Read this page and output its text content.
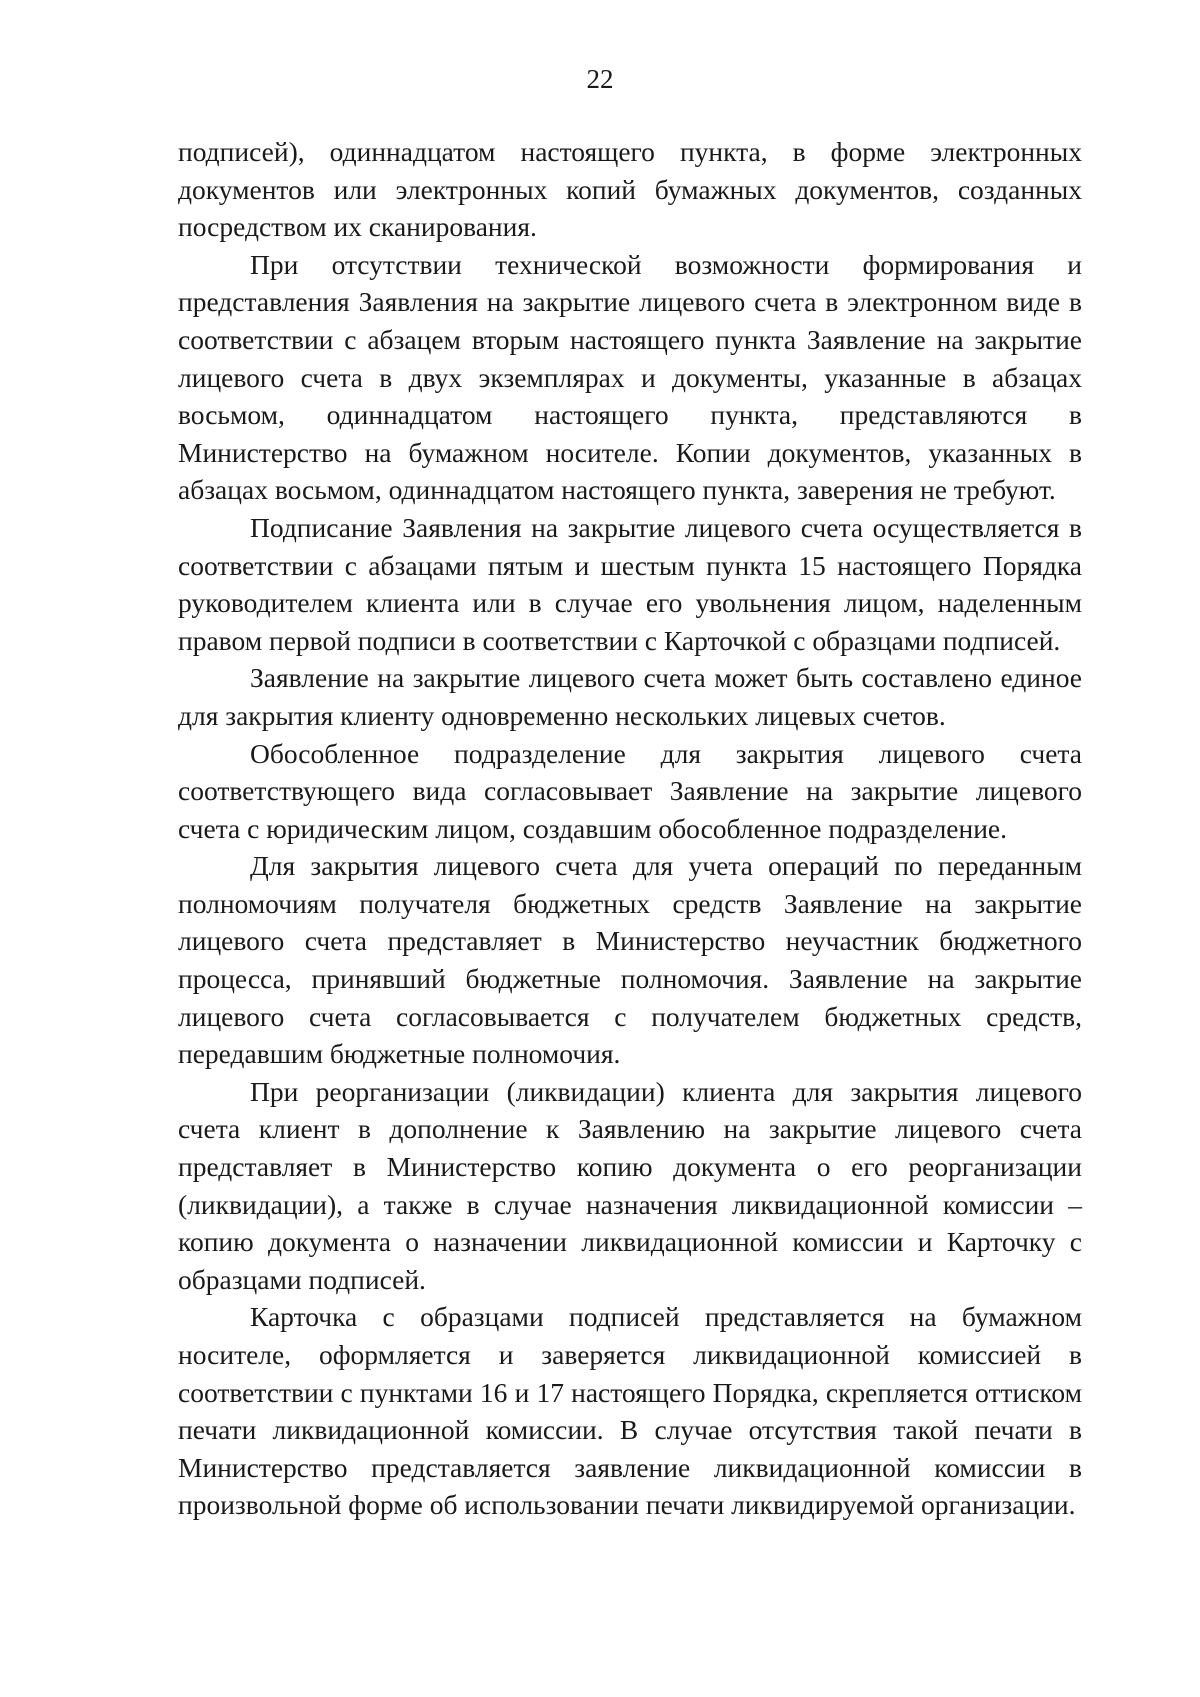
22

подписей), одиннадцатом настоящего пункта, в форме электронных документов или электронных копий бумажных документов, созданных посредством их сканирования.

При отсутствии технической возможности формирования и представления Заявления на закрытие лицевого счета в электронном виде в соответствии с абзацем вторым настоящего пункта Заявление на закрытие лицевого счета в двух экземплярах и документы, указанные в абзацах восьмом, одиннадцатом настоящего пункта, представляются в Министерство на бумажном носителе. Копии документов, указанных в абзацах восьмом, одиннадцатом настоящего пункта, заверения не требуют.

Подписание Заявления на закрытие лицевого счета осуществляется в соответствии с абзацами пятым и шестым пункта 15 настоящего Порядка руководителем клиента или в случае его увольнения лицом, наделенным правом первой подписи в соответствии с Карточкой с образцами подписей.

Заявление на закрытие лицевого счета может быть составлено единое для закрытия клиенту одновременно нескольких лицевых счетов.

Обособленное подразделение для закрытия лицевого счета соответствующего вида согласовывает Заявление на закрытие лицевого счета с юридическим лицом, создавшим обособленное подразделение.

Для закрытия лицевого счета для учета операций по переданным полномочиям получателя бюджетных средств Заявление на закрытие лицевого счета представляет в Министерство неучастник бюджетного процесса, принявший бюджетные полномочия. Заявление на закрытие лицевого счета согласовывается с получателем бюджетных средств, передавшим бюджетные полномочия.

При реорганизации (ликвидации) клиента для закрытия лицевого счета клиент в дополнение к Заявлению на закрытие лицевого счета представляет в Министерство копию документа о его реорганизации (ликвидации), а также в случае назначения ликвидационной комиссии – копию документа о назначении ликвидационной комиссии и Карточку с образцами подписей.

Карточка с образцами подписей представляется на бумажном носителе, оформляется и заверяется ликвидационной комиссией в соответствии с пунктами 16 и 17 настоящего Порядка, скрепляется оттиском печати ликвидационной комиссии. В случае отсутствия такой печати в Министерство представляется заявление ликвидационной комиссии в произвольной форме об использовании печати ликвидируемой организации.
